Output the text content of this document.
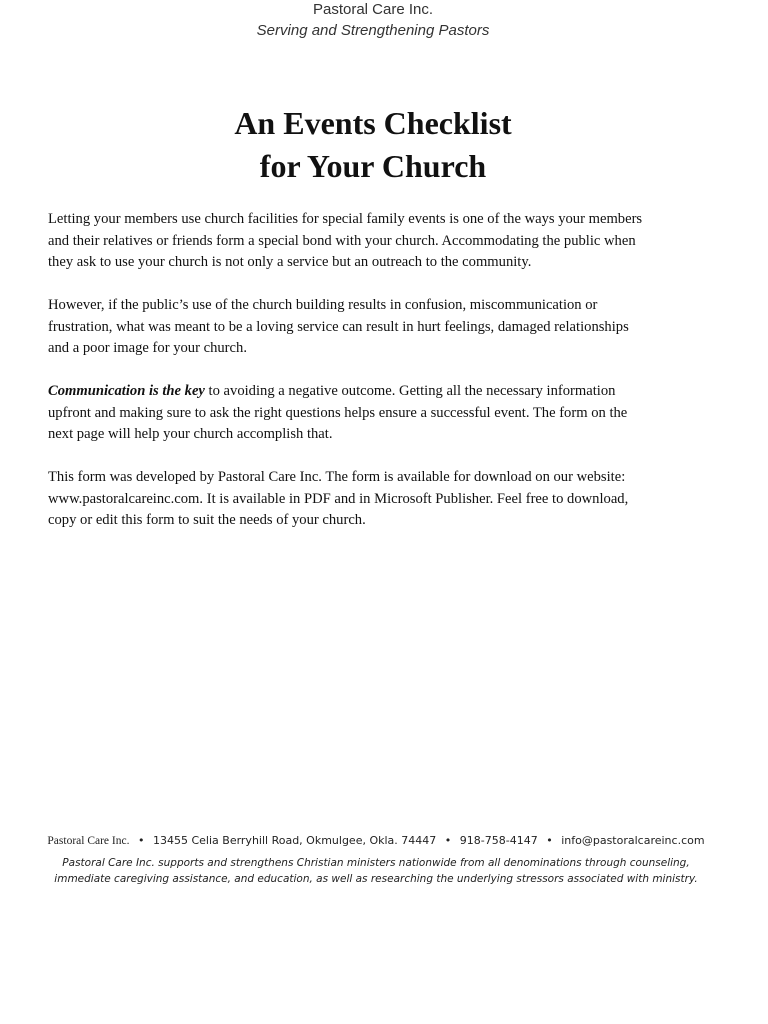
Pastoral Care Inc.
Serving and Strengthening Pastors
An Events Checklist
for Your Church

Letting your members use church facilities for special family events is one of the ways your members
and their relatives or friends form a special bond with your church. Accommodating the public when
they ask to use your church is not only a service but an outreach to the community.

However, if the public’s use of the church building results in confusion, miscommunication or
frustration, what was meant to be a loving service can result in hurt feelings, damaged relationships
and a poor image for your church.

Communication is the key to avoiding a negative outcome. Getting all the necessary information
upfront and making sure to ask the right questions helps ensure a successful event. The form on the
next page will help your church accomplish that.

This form was developed by Pastoral Care Inc. The form is available for download on our website:
www.pastoralcareinc.com. It is available in PDF and in Microsoft Publisher. Feel free to download,
copy or edit this form to suit the needs of your church.

Pastoral Care Inc. • 13455 Celia Berryhill Road, Okmulgee, Okla. 74447 • 918-758-4147 • info@pastoralcareinc.com
Pastoral Care Inc. supports and strengthens Christian ministers nationwide from all denominations through counseling,
immediate caregiving assistance, and education, as well as researching the underlying stressors associated with ministry.
